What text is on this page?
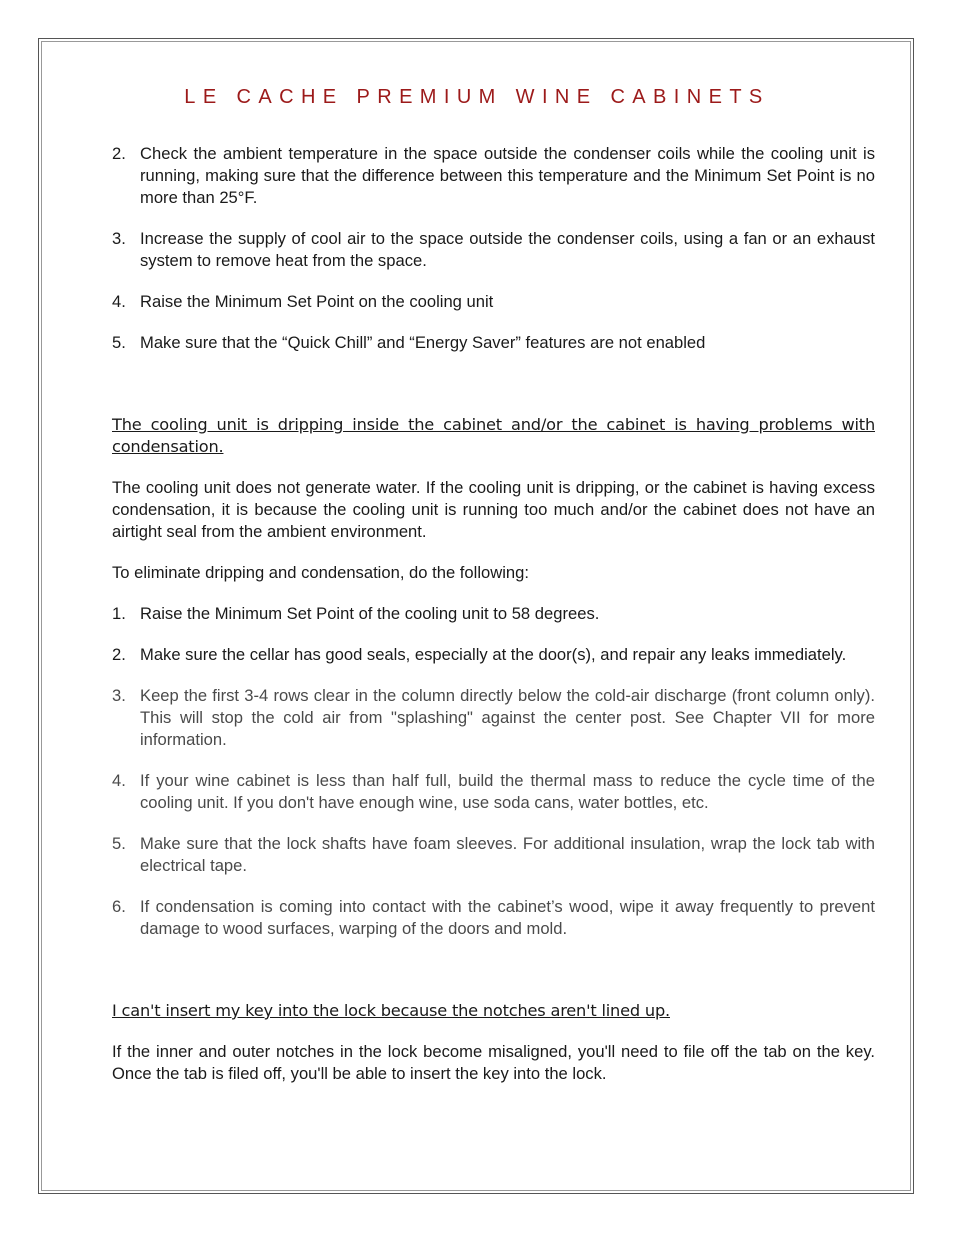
LE CACHE PREMIUM WINE CABINETS
2. Check the ambient temperature in the space outside the condenser coils while the cooling unit is running, making sure that the difference between this temperature and the Minimum Set Point is no more than 25°F.
3. Increase the supply of cool air to the space outside the condenser coils, using a fan or an exhaust system to remove heat from the space.
4. Raise the Minimum Set Point on the cooling unit
5. Make sure that the “Quick Chill” and “Energy Saver” features are not enabled
The cooling unit is dripping inside the cabinet and/or the cabinet is having problems with condensation.
The cooling unit does not generate water. If the cooling unit is dripping, or the cabinet is having excess condensation, it is because the cooling unit is running too much and/or the cabinet does not have an airtight seal from the ambient environment.
To eliminate dripping and condensation, do the following:
1. Raise the Minimum Set Point of the cooling unit to 58 degrees.
2. Make sure the cellar has good seals, especially at the door(s), and repair any leaks immediately.
3. Keep the first 3-4 rows clear in the column directly below the cold-air discharge (front column only). This will stop the cold air from "splashing" against the center post. See Chapter VII for more information.
4. If your wine cabinet is less than half full, build the thermal mass to reduce the cycle time of the cooling unit. If you don't have enough wine, use soda cans, water bottles, etc.
5. Make sure that the lock shafts have foam sleeves. For additional insulation, wrap the lock tab with electrical tape.
6. If condensation is coming into contact with the cabinet’s wood, wipe it away frequently to prevent damage to wood surfaces, warping of the doors and mold.
I can't insert my key into the lock because the notches aren't lined up.
If the inner and outer notches in the lock become misaligned, you'll need to file off the tab on the key. Once the tab is filed off, you'll be able to insert the key into the lock.
